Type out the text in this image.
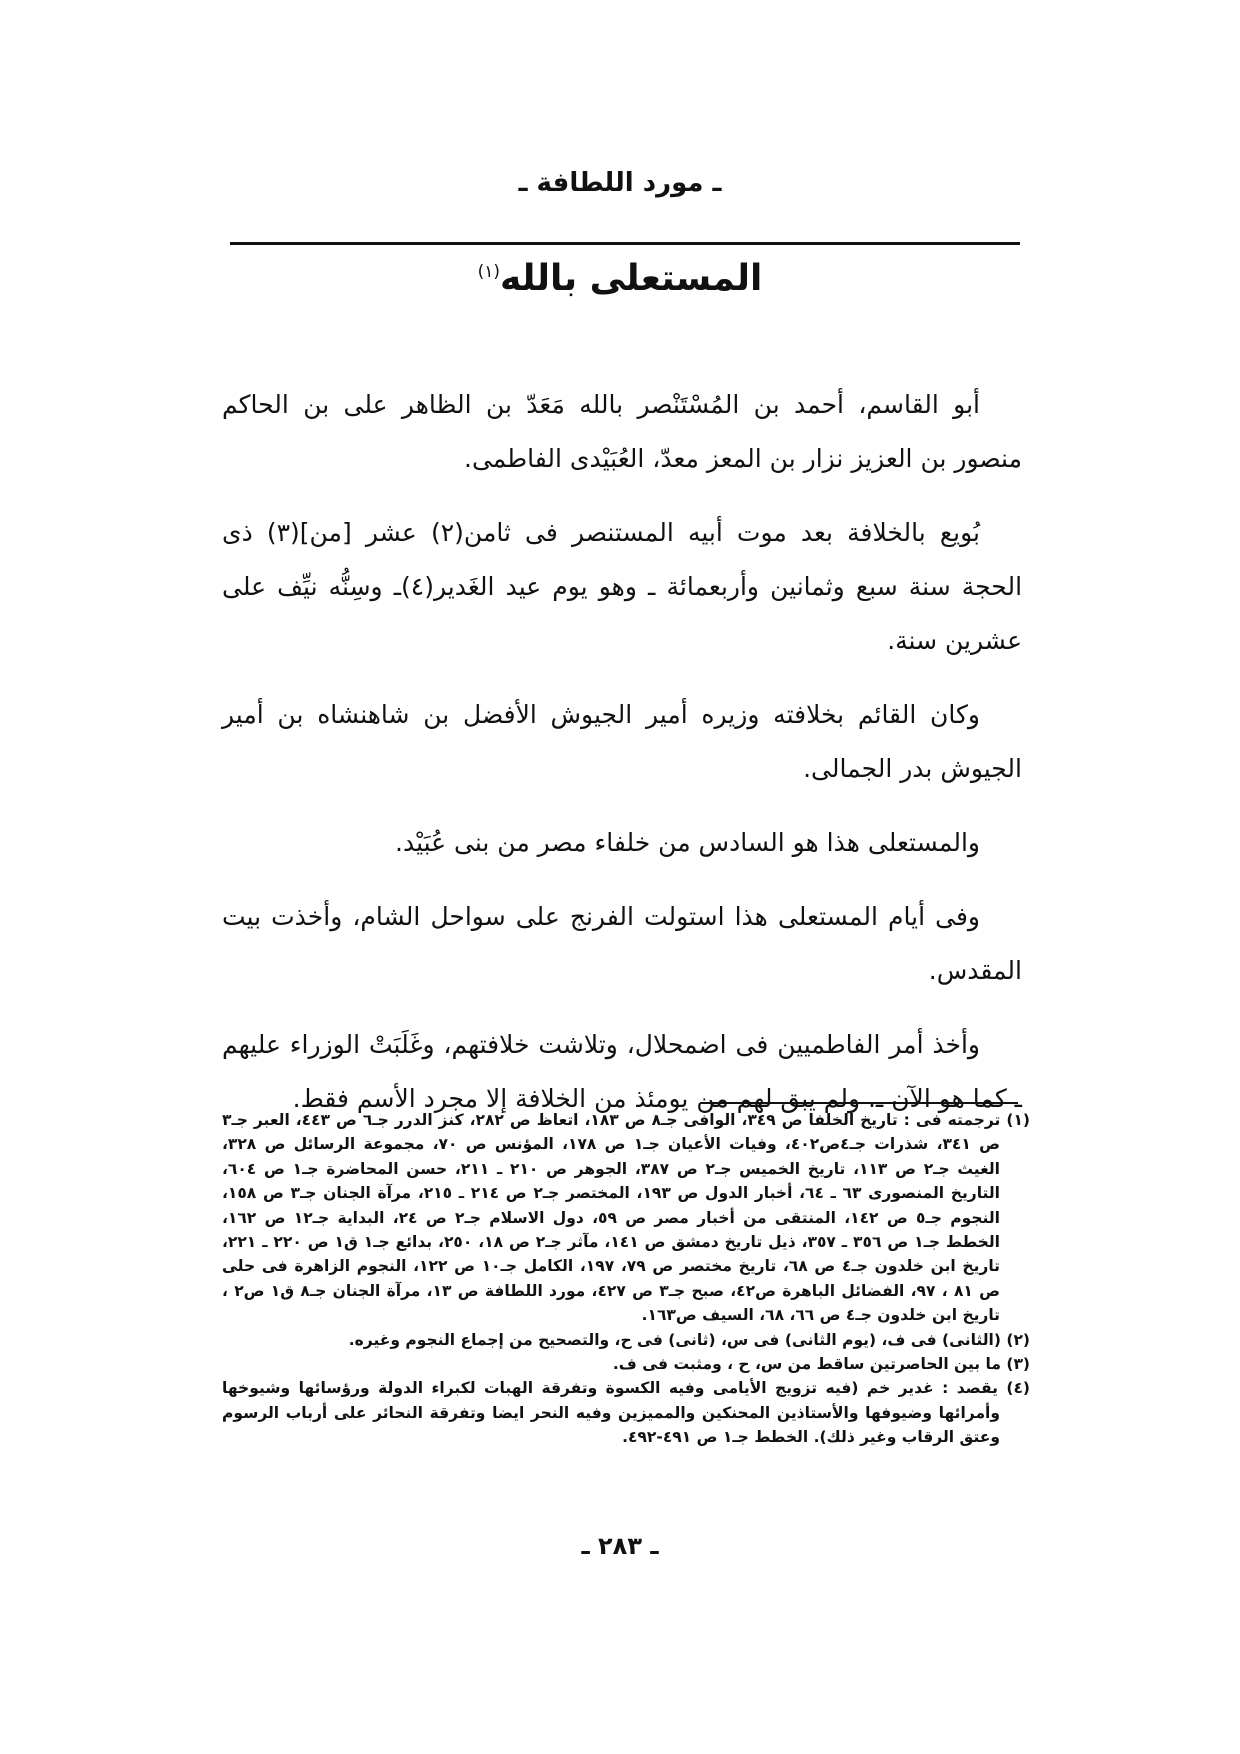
ـ مورد اللطافة ـ
المستعلى بالله$^{(١)}$

أبو القاسم، أحمد بن المُسْتَنْصر بالله مَعَدّ بن الظاهر على بن الحاكم منصور بن العزيز نزار بن المعز معدّ، العُبَيْدى الفاطمى.

بُويع بالخلافة بعد موت أبيه المستنصر فى ثامن(٢) عشر [من](٣) ذى الحجة سنة سبع وثمانين وأربعمائة ـ وهو يوم عيد الغَدير(٤)ـ وسِنُّه نيِّف على عشرين سنة.

وكان القائم بخلافته وزيره أمير الجيوش الأفضل بن شاهنشاه بن أمير الجيوش بدر الجمالى.

والمستعلى هذا هو السادس من خلفاء مصر من بنى عُبَيْد.

وفى أيام المستعلى هذا استولت الفرنج على سواحل الشام، وأخذت بيت المقدس.

وأخذ أمر الفاطميين فى اضمحلال، وتلاشت خلافتهم، وغَلَبَتْ الوزراء عليهم ـ كما هو الآن ـ. ولم يبق لهم من يومئذ من الخلافة إلا مجرد الأسم فقط.

(١) ترجمته فى : تاريخ الخلفا ص ٣٤٩، الوافى جـ٨ ص ١٨٣، اتعاظ ص ٢٨٢، كنز الدرر جـ٦ ص ٤٤٣، العبر جـ٣ ص ٣٤١، شذرات جـ٤ص٤٠٢، وفيات الأعيان جـ١ ص ١٧٨، المؤنس ص ٧٠، مجموعة الرسائل ص ٣٢٨، الغيث جـ٢ ص ١١٣، تاريخ الخميس جـ٢ ص ٣٨٧، الجوهر ص ٢١٠ ـ ٢١١، حسن المحاضرة جـ١ ص ٦٠٤، التاريخ المنصورى ٦٣ ـ ٦٤، أخبار الدول ص ١٩٣، المختصر جـ٢ ص ٢١٤ ـ ٢١٥، مرآة الجنان جـ٣ ص ١٥٨، النجوم جـ٥ ص ١٤٢، المنتقى من أخبار مصر ص ٥٩، دول الاسلام جـ٢ ص ٢٤، البداية جـ١٢ ص ١٦٢، الخطط جـ١ ص ٣٥٦ ـ ٣٥٧، ذيل تاريخ دمشق ص ١٤١، مآثر جـ٢ ص ١٨، ٢٥٠، بدائع جـ١ ق١ ص ٢٢٠ ـ ٢٢١، تاريخ ابن خلدون جـ٤ ص ٦٨، تاريخ مختصر ص ٧٩، ١٩٧، الكامل جـ١٠ ص ١٢٢، النجوم الزاهرة فى حلى ص ٨١ ، ٩٧، الفضائل الباهرة ص٤٢، صبح جـ٣ ص ٤٢٧، مورد اللطافة ص ١٣، مرآة الجنان جـ٨ ق١ ص٢ ، تاريخ ابن خلدون جـ٤ ص ٦٦، ٦٨، السيف ص١٦٣.

(٢) (الثانى) فى ف، (يوم الثانى) فى س، (ثانى) فى ح، والتصحيح من إجماع النجوم وغيره.

(٣) ما بين الحاصرتين ساقط من س، ح ، ومثبت فى ف.

(٤) يقصد : غدير خم (فيه تزويج الأيامى وفيه الكسوة وتفرقة الهبات لكبراء الدولة ورؤسائها وشيوخها وأمرائها وضيوفها والأستاذين المحنكين والمميزين وفيه النحر ايضا وتفرقة النحائر على أرباب الرسوم وعتق الرقاب وغير ذلك). الخطط جـ١ ص ٤٩١-٤٩٢.

ـ ٢٨٣ ـ
